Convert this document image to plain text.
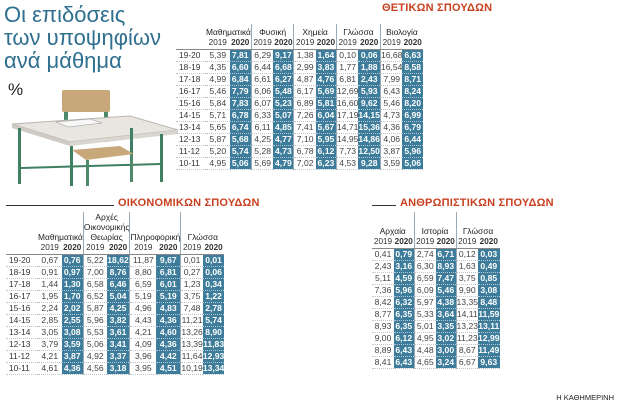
Οι επιδόσεις
των υποψηφίων
ανά μάθημα
%
ΘΕΤΙΚΩΝ ΣΠΟΥΔΩΝ
	Μαθηματικά		Φυσική		Χημεία		Γλώσσα		Βιολογία	
	2019	2020	2019	2020	2019	2020	2019	2020	2019	2020
19-20	5,39	7,81	6,29	9,17	1,38	1,64	0,10	0,06	16,68	6,63
18-19	4,35	6,60	6,44	6,68	2,99	3,83	1,77	1,88	16,54	8,58
17-18	4,99	6,84	6,61	6,27	4,87	4,76	6,81	2,43	7,99	8,71
16-17	5,46	7,79	6,06	5,48	6,17	5,69	12,69	5,93	6,43	8,24
15-16	5,84	7,83	6,07	5,23	6,89	5,81	16,60	9,62	5,46	8,20
14-15	5,71	6,78	6,33	5,07	7,26	6,04	17,19	14,15	4,73	6,99
13-14	5,65	6,74	6,11	4,85	7,41	5,67	14,71	15,36	4,36	6,79
12-13	5,87	5,68	4,25	4,77	7,10	5,95	14,95	14,86	4,06	6,44
11-12	5,20	5,74	5,28	4,73	6,78	6,12	7,73	12,50	3,87	5,96
10-11	4,95	5,06	5,69	4,79	7,02	6,23	4,53	9,28	3,59	5,06
ΟΙΚΟΝΟΜΙΚΩΝ ΣΠΟΥΔΩΝ
	Μαθηματικά		Αρχές Οικονομικής Θεωρίας		Πληροφορική		Γλώσσα	
	2019	2020	2019	2020	2019	2020	2019	2020
19-20	0,67	0,76	5,22	18,62	11,87	9,67	0,01	0,01
18-19	0,91	0,97	7,00	8,76	8,80	6,81	0,27	0,06
17-18	1,44	1,30	6,58	6,46	6,59	6,01	1,23	0,34
16-17	1,95	1,70	6,52	5,04	5,19	5,19	3,75	1,22
15-16	2,24	2,02	5,87	4,25	4,96	4,83	7,48	2,78
14-15	2,85	2,55	5,96	3,82	4,43	4,36	11,21	5,74
13-14	3,05	3,08	5,53	3,61	4,21	4,60	13,26	8,90
12-13	3,79	3,59	5,06	3,41	4,09	4,36	13,39	11,83
11-12	4,21	3,87	4,92	3,37	3,96	4,42	11,64	12,93
10-11	4,61	4,36	4,56	3,18	3,95	4,51	10,19	13,34
ΑΝΘΡΩΠΙΣΤΙΚΩΝ ΣΠΟΥΔΩΝ
Αρχαία		Ιστορία		Γλώσσα	
2019	2020	2019	2020	2019	2020
0,41	0,79	2,74	6,71	0,12	0,03
2,43	3,16	6,30	8,93	1,63	0,49
5,11	4,59	6,59	7,47	3,75	0,85
7,36	5,96	6,09	5,46	9,90	3,08
8,42	6,32	5,97	4,38	13,35	8,48
8,77	6,35	5,33	3,64	14,11	11,59
8,93	6,35	5,01	3,35	13,23	13,11
9,00	6,12	4,95	3,02	11,23	12,99
8,89	6,43	4,48	3,00	8,67	11,49
8,41	6,43	4,65	3,24	6,67	9,63
Η ΚΑΘΗΜΕΡΙΝΗ
